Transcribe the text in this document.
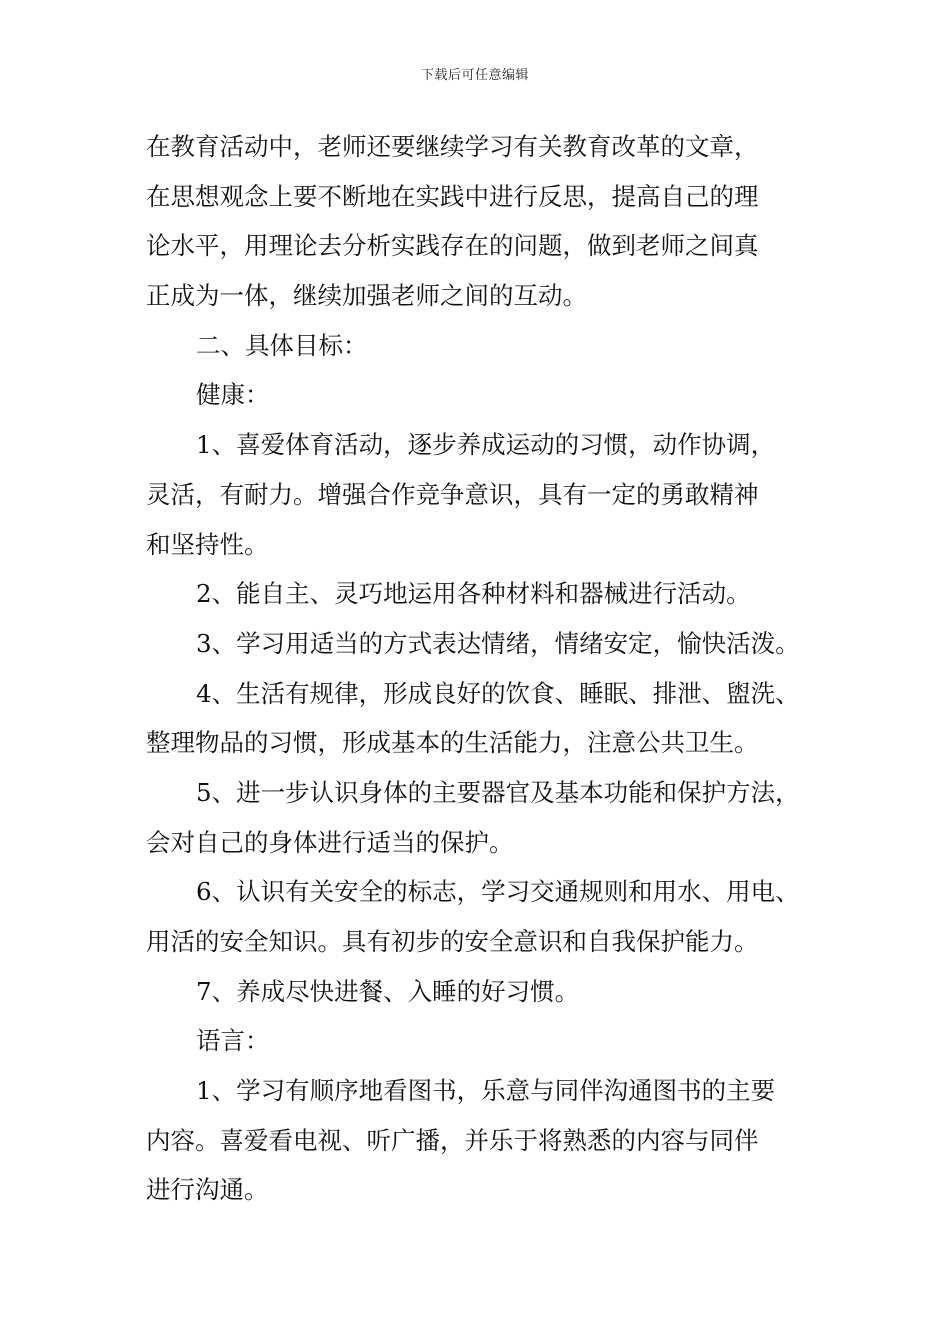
下载后可任意编辑
在教育活动中，老师还要继续学习有关教育改革的文章，
在思想观念上要不断地在实践中进行反思，提高自己的理
论水平，用理论去分析实践存在的问题，做到老师之间真
正成为一体，继续加强老师之间的互动。
二、具体目标：
健康：
1、喜爱体育活动，逐步养成运动的习惯，动作协调，
灵活，有耐力。增强合作竞争意识，具有一定的勇敢精神
和坚持性。
2、能自主、灵巧地运用各种材料和器械进行活动。
3、学习用适当的方式表达情绪，情绪安定，愉快活泼。
4、生活有规律，形成良好的饮食、睡眠、排泄、盥洗、
整理物品的习惯，形成基本的生活能力，注意公共卫生。
5、进一步认识身体的主要器官及基本功能和保护方法，
会对自己的身体进行适当的保护。
6、认识有关安全的标志，学习交通规则和用水、用电、
用活的安全知识。具有初步的安全意识和自我保护能力。
7、养成尽快进餐、入睡的好习惯。
语言：
1、学习有顺序地看图书，乐意与同伴沟通图书的主要
内容。喜爱看电视、听广播，并乐于将熟悉的内容与同伴
进行沟通。
